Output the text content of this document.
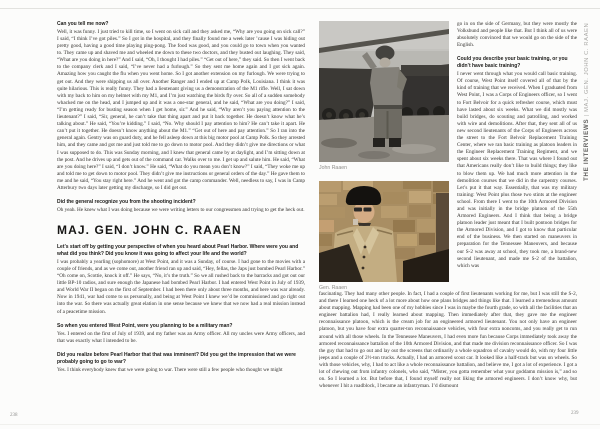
Can you tell me now?
Well, it was funny. I just tried to kill time, so I went on sick call and they asked me, “Why are you going on sick call?” I said, “I think I’ve got piles.” So I got in the hospital, and they finally found me a week later ’cause I was hiding out pretty good, having a good time playing ping-pong. The food was good, and you could go to town when you wanted to. They came up and shaved me and wheeled me down to these two doctors, and they busted out laughing. They said, “What are you doing in here?” And I said, “Oh, I thought I had piles.” “Get out of here,” they said. So then I went back to the company clerk and I said, “I’ve never had a furlough.” So they sent me home again and I got sick again. Amazing how you caught the flu when you went home. So I got another extension on my furlough. We were trying to get out. And they were shipping us all over. Another Ranger and I ended up at Camp Polk, Louisiana. I think it was quite hilarious. This is really funny. They had a lieutenant giving us a demonstration of the M1 rifle. Well, I sat down with my back to him on my helmet with my M1, and I’m just watching the birds fly over. So all of a sudden somebody whacked me on the head, and I jumped up and it was a one-star general, and he said, “What are you doing?” I said, “I’m getting ready for busting season when I get home, sir.” And he said, “Why aren’t you paying attention to the lieutenant?” I said, “Sir, general, he can’t take that thing apart and put it back together. He doesn’t know what he’s talking about.” He said, “You’re kidding.” I said, “No. Why should I pay attention to him? He can’t take it apart. He can’t put it together. He doesn’t know anything about the M1.” “Get out of here and pay attention.” So I ran into the general again. Gentry was on guard duty, and he fell asleep down at this big motor pool at Camp Polk. So they arrested him, and they came and got me and just told me to go down to motor pool. And they didn’t give me directions or what I was supposed to do. This was Sunday morning, and I knew that general came by at daylight, and I’m sitting down at the post. And he drives up and gets out of the command car. Walks over to me. I get up and salute him. He said, “What are you doing here?” I said, “I don’t know.” He said, “What do you mean you don’t know?” I said, “They woke me up and told me to get down to motor pool. They didn’t give me instructions or general orders of the day.” He gave them to me and he said, “You stay right here.” And he went and got the camp commander. Well, needless to say, I was in Camp Atterbury two days later getting my discharge, so I did get out.
Did the general recognize you from the shooting incident?
Oh yeah. He knew what I was doing because we were writing letters to our congressmen and trying to get the heck out.
MAJ. GEN. JOHN C. RAAEN
Let’s start off by getting your perspective of when you heard about Pearl Harbor. Where were you and what did you think? Did you know it was going to affect your life and the world?
I was probably a yearling (sophomore) at West Point, and it was a Sunday, of course. I had gone to the movies with a couple of friends, and as we come out, another friend ran up and said, “Hey, fellas, the Japs just bombed Pearl Harbor.” “Oh come on, Scottie, knock it off.” He says, “No, it’s the truth.” So we all rushed back to the barracks and got out our little BP-10 radios, and sure enough the Japanese had bombed Pearl Harbor. I had entered West Point in July of 1939, and World War II began on the first of September. I had been there only about three months, and here was war already. Now in 1941, war had come to us personally, and being at West Point I knew we’d be commissioned and go right out into the war. So there was actually great elation in one sense because we knew that we now had a real mission instead of a peacetime mission.
So when you entered West Point, were you planning to be a military man?
Yes. I entered on the first of July of 1939, and my father was an Army officer. All my uncles were Army officers, and that was exactly what I intended to be.
Did you realize before Pearl Harbor that that was imminent? Did you get the impression that we were probably going to go to war?
Yes. I think everybody knew that we were going to war. There were still a few people who thought we might
238
John Raaen
Gen. Raaen
go in on the side of Germany, but they were mostly the Volksbund and people like that. But I think all of us were absolutely convinced that we would go on the side of the English.
Could you describe your basic training, or you didn’t have basic training?
I never went through what you would call basic training. Of course, West Point itself covered all of that by the kind of training that we received. When I graduated from West Point, I was a Corps of Engineers officer, so I went to Fort Belvoir for a quick refresher course, which must have lasted about six weeks. What we did mostly was build bridges, do scouting and patrolling, and worked with wire and demolitions. After that, they sent all of us new second lieutenants of the Corps of Engineers across the street to the Fort Belvoir Replacement Training Center, where we ran basic training as platoon leaders in the Engineer Replacement Training Regiment, and we spent about six weeks there. That was where I found out that Americans really don’t like to build things; they like to blow them up. We had much more attention in the demolition courses that we did in the carpentry courses. Let’s put it that way. Essentially, that was my military training: West Point plus those two stints at the engineer school. From there I went to the 10th Armored Division and was initially in the bridge platoon of the 55th Armored Engineers. And I think that being a bridge platoon leader just meant that I built pontoon bridges for the Armored Division, and I got to know that particular end of the business. We then started on maneuvers in preparation for the Tennessee Maneuvers, and because our S-2 was away at school, they took me, a brand-new second lieutenant, and made me S-2 of the battalion, which was
fascinating. They had many other people. In fact, I had a couple of first lieutenants working for me, but I was still the S-2, and there I learned one heck of a lot more about how one plans bridges and things like that. I learned a tremendous amount about mapping. Mapping had been one of my hobbies since I was in maybe the fourth grade, so with all the facilities that an engineer battalion had, I really learned about mapping. Then immediately after that, they gave me the engineer reconnaissance platoon, which is the cream job for an engineered armored lieutenant. You not only have an engineer platoon, but you have four extra quarter-ton reconnaissance vehicles, with four extra noncoms, and you really get to run around with all those wheels. In the Tennessee Maneuvers, I had even more fun because Corps immediately took away the armored reconnaissance battalion of the 10th Armored Division, and that made me division reconnaissance officer. So I was the guy that had to go out and lay out the screens that ordinarily a whole squadron of cavalry would do, with my four little jeeps and a couple of 2½-ton trucks. Actually, I had an armored scout car. It looked like a half-track but was on wheels. So with those vehicles, why, I had to act like a whole reconnaissance battalion, and believe me, I got a lot of experience. I got a lot of chewing out from infantry colonels, who said, “Mister, you gotta remember what your goddamn mission is,” and so on. So I learned a lot. But before that, I found myself really not liking the armored engineers. I don’t know why, but whenever I hit a roadblock, I became an infantryman. I’d dismount
THE INTERVIEWS | MAJ. GEN. JOHN C. RAAEN
239
